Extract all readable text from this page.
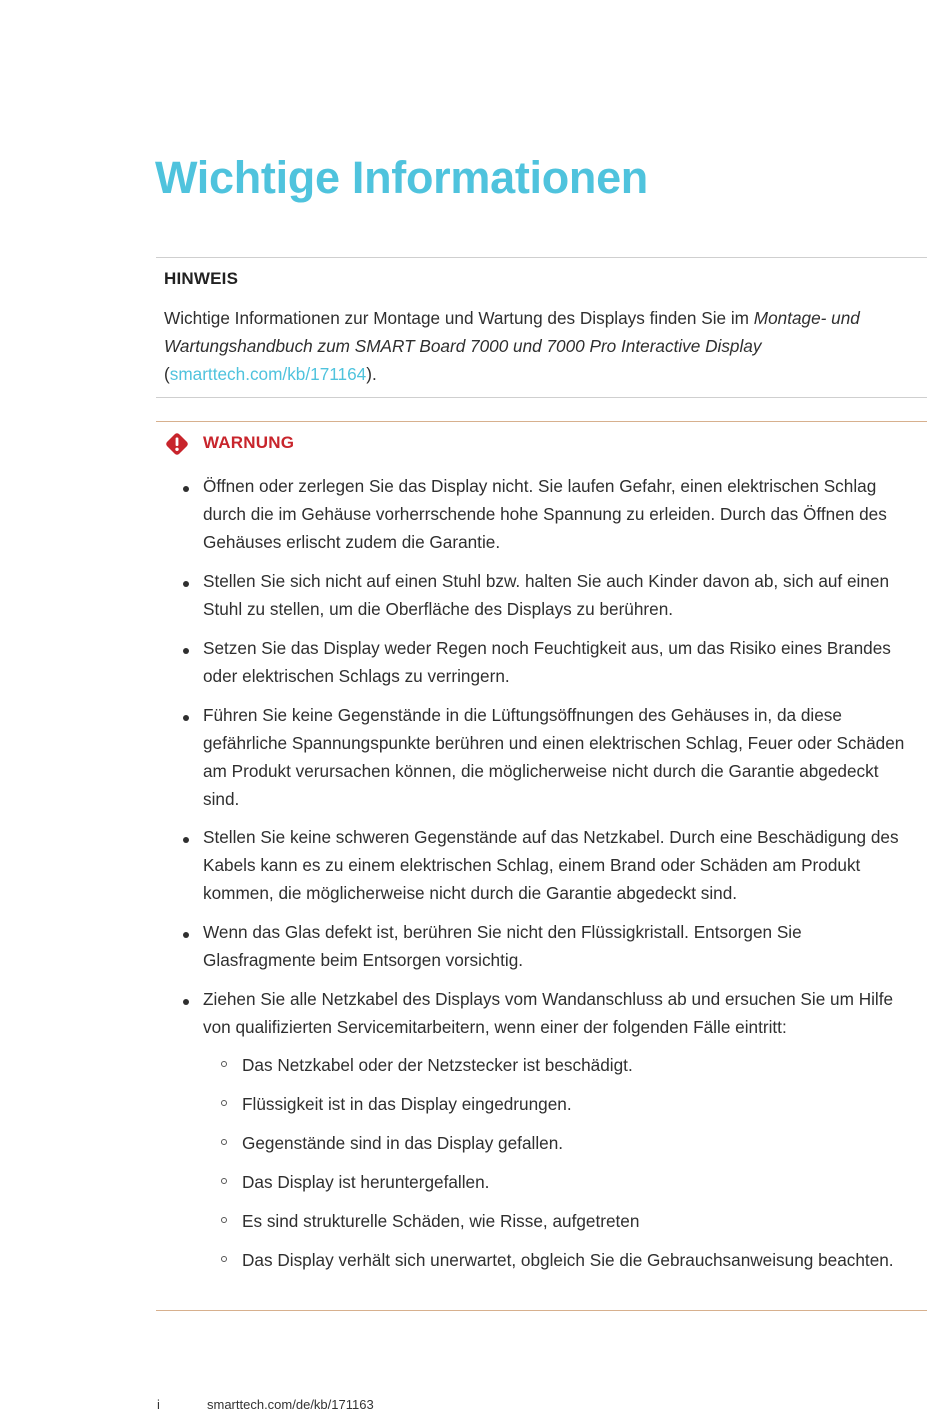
Wichtige Informationen
HINWEIS
Wichtige Informationen zur Montage und Wartung des Displays finden Sie im Montage- und Wartungshandbuch zum SMART Board 7000 und 7000 Pro Interactive Display (smarttech.com/kb/171164).
WARNUNG
Öffnen oder zerlegen Sie das Display nicht. Sie laufen Gefahr, einen elektrischen Schlag durch die im Gehäuse vorherrschende hohe Spannung zu erleiden. Durch das Öffnen des Gehäuses erlischt zudem die Garantie.
Stellen Sie sich nicht auf einen Stuhl bzw. halten Sie auch Kinder davon ab, sich auf einen Stuhl zu stellen, um die Oberfläche des Displays zu berühren.
Setzen Sie das Display weder Regen noch Feuchtigkeit aus, um das Risiko eines Brandes oder elektrischen Schlags zu verringern.
Führen Sie keine Gegenstände in die Lüftungsöffnungen des Gehäuses in, da diese gefährliche Spannungspunkte berühren und einen elektrischen Schlag, Feuer oder Schäden am Produkt verursachen können, die möglicherweise nicht durch die Garantie abgedeckt sind.
Stellen Sie keine schweren Gegenstände auf das Netzkabel. Durch eine Beschädigung des Kabels kann es zu einem elektrischen Schlag, einem Brand oder Schäden am Produkt kommen, die möglicherweise nicht durch die Garantie abgedeckt sind.
Wenn das Glas defekt ist, berühren Sie nicht den Flüssigkristall. Entsorgen Sie Glasfragmente beim Entsorgen vorsichtig.
Ziehen Sie alle Netzkabel des Displays vom Wandanschluss ab und ersuchen Sie um Hilfe von qualifizierten Servicemitarbeitern, wenn einer der folgenden Fälle eintritt:
Das Netzkabel oder der Netzstecker ist beschädigt.
Flüssigkeit ist in das Display eingedrungen.
Gegenstände sind in das Display gefallen.
Das Display ist heruntergefallen.
Es sind strukturelle Schäden, wie Risse, aufgetreten
Das Display verhält sich unerwartet, obgleich Sie die Gebrauchsanweisung beachten.
i	smarttech.com/de/kb/171163
